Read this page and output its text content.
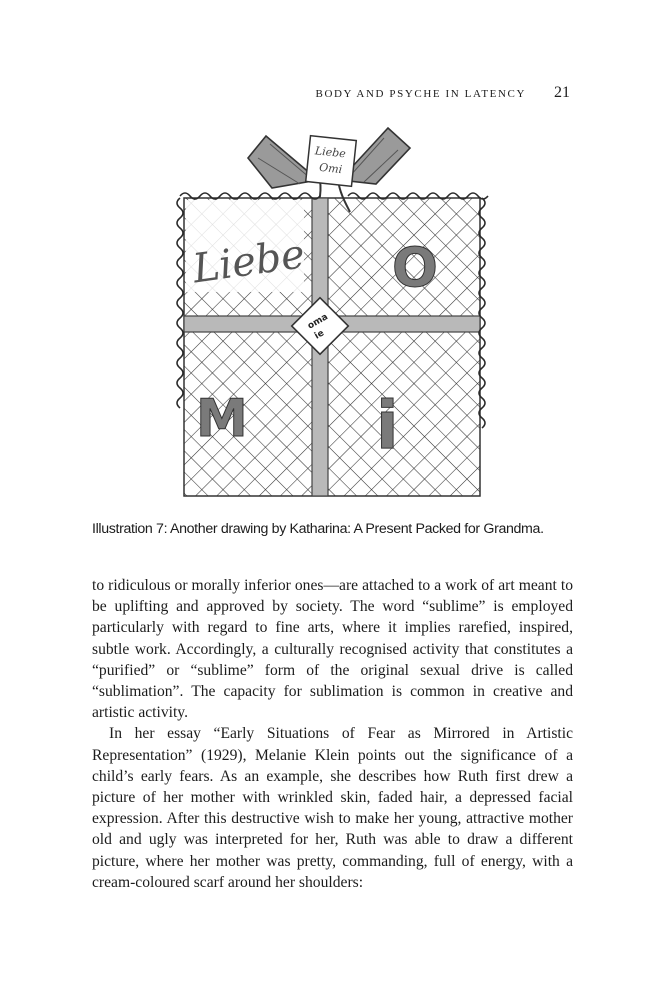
BODY AND PSYCHE IN LATENCY 21
Liebe
Omi
oma
ie
Liebe O
M i
Illustration 7: Another drawing by Katharina: A Present Packed for Grandma.

to ridiculous or morally inferior ones—are attached to a work of art meant to be uplifting and approved by society. The word “sublime” is employed particularly with regard to fine arts, where it implies rarefied, inspired, subtle work. Accordingly, a culturally recognised activity that constitutes a “purified” or “sublime” form of the original sexual drive is called “sublimation”. The capacity for sublimation is common in creative and artistic activity.

In her essay “Early Situations of Fear as Mirrored in Artistic Representation” (1929), Melanie Klein points out the significance of a child’s early fears. As an example, she describes how Ruth first drew a picture of her mother with wrinkled skin, faded hair, a depressed facial expression. After this destructive wish to make her young, attractive mother old and ugly was interpreted for her, Ruth was able to draw a different picture, where her mother was pretty, commanding, full of energy, with a cream-coloured scarf around her shoulders:
